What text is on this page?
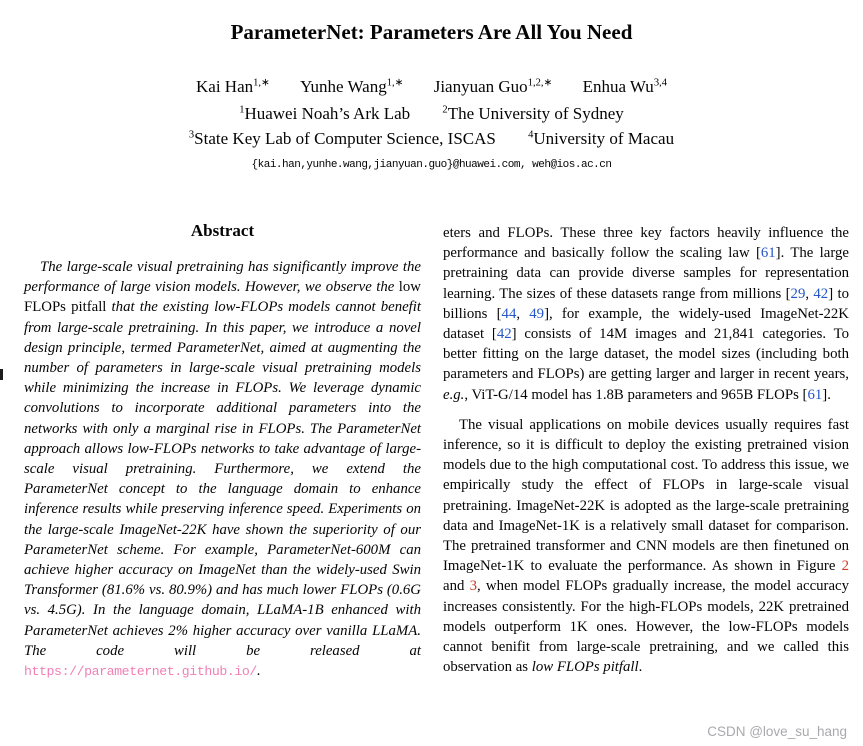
ParameterNet: Parameters Are All You Need
Kai Han$^{1,∗}$ Yunhe Wang$^{1,∗}$ Jianyuan Guo$^{1,2,∗}$ Enhua Wu$^{3,4}$
$^1$Huawei Noah’s Ark Lab	$^2$The University of Sydney
$^3$State Key Lab of Computer Science, ISCAS	$^4$University of Macau
{kai.han,yunhe.wang,jianyuan.guo}@huawei.com, weh@ios.ac.cn
Abstract

The large-scale visual pretraining has significantly improve the performance of large vision models. However, we observe the low FLOPs pitfall that the existing low-FLOPs models cannot benefit from large-scale pretraining. In this paper, we introduce a novel design principle, termed ParameterNet, aimed at augmenting the number of parameters in large-scale visual pretraining models while minimizing the increase in FLOPs. We leverage dynamic convolutions to incorporate additional parameters into the networks with only a marginal rise in FLOPs. The ParameterNet approach allows low-FLOPs networks to take advantage of large-scale visual pretraining. Furthermore, we extend the ParameterNet concept to the language domain to enhance inference results while preserving inference speed. Experiments on the large-scale ImageNet-22K have shown the superiority of our ParameterNet scheme. For example, ParameterNet-600M can achieve higher accuracy on ImageNet than the widely-used Swin Transformer (81.6% vs. 80.9%) and has much lower FLOPs (0.6G vs. 4.5G). In the language domain, LLaMA-1B enhanced with ParameterNet achieves 2% higher accuracy over vanilla LLaMA. The code will be released at https://parameternet.github.io/.

eters and FLOPs. These three key factors heavily influence the performance and basically follow the scaling law [61]. The large pretraining data can provide diverse samples for representation learning. The sizes of these datasets range from millions [29, 42] to billions [44, 49], for example, the widely-used ImageNet-22K dataset [42] consists of 14M images and 21,841 categories. To better fitting on the large dataset, the model sizes (including both parameters and FLOPs) are getting larger and larger in recent years, e.g., ViT-G/14 model has 1.8B parameters and 965B FLOPs [61].

The visual applications on mobile devices usually requires fast inference, so it is difficult to deploy the existing pretrained vision models due to the high computational cost. To address this issue, we empirically study the effect of FLOPs in large-scale visual pretraining. ImageNet-22K is adopted as the large-scale pretraining data and ImageNet-1K is a relatively small dataset for comparison. The pretrained transformer and CNN models are then finetuned on ImageNet-1K to evaluate the performance. As shown in Figure 2 and 3, when model FLOPs gradually increase, the model accuracy increases consistently. For the high-FLOPs models, 22K pretrained models outperform 1K ones. However, the low-FLOPs models cannot benifit from large-scale pretraining, and we called this observation as low FLOPs pitfall.

CSDN @love_su_hang
